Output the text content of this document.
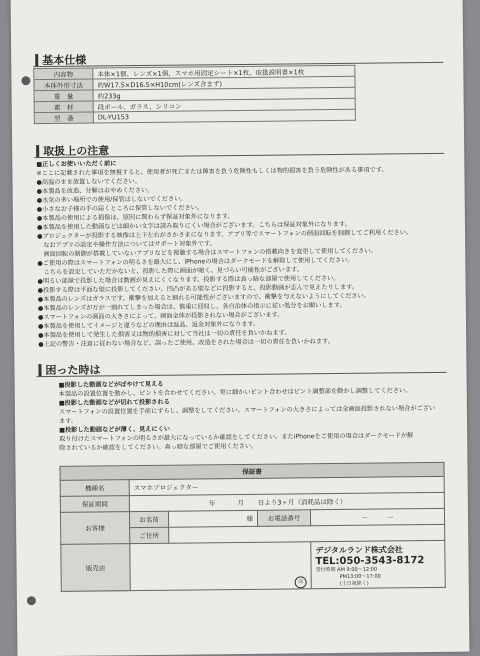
基本仕様
内容物	本体×1個、レンズ×1個、スマホ用固定シート×1枚、取扱説明書×1枚
本体外形寸法	約W17.5×D16.5×H10cm(レンズ含まず)
重　量	約233g
素　材	段ボール、ガラス、シリコン
型　番	DL-YU153
取扱上の注意

■正しくお使いいただく前に

※ここに記載された事項を無視すると、使用者が死亡または障害を負う危険性もしくは物的損害を負う危険性がある事項です。

●高温のまま放置しないでください。

●本製品を改造、分解はおやめください。

●水気の多い場所での使用/保管はしないでください。

●小さなお子様の手の届くところに保管しないでください。

●本製品の使用による損傷は、原因に関わらず保証対象外になります。

●本製品を使用した動画などは細かい文字は読み取りにくい場合がございます。こちらは保証対象外になります。

●プロジェクターが投影する映像は上下左右がさかさまになります。アプリ等でスマートフォンの画面回転を制御してご利用ください。

　なおアプリの設定や操作方法についてはサポート対象外です。

　画面回転の制御が搭載していないアプリなどを視聴する場合はスマートフォンの搭載向きを変更して使用してください。

●ご使用の際はスマートフォンの明るさを最大にし、iPhoneの場合はダークモードを解除して使用してください。

　こちらを設定していただかないと、投影した際に画面が暗く、見づらい可能性がございます。

●明るい部屋で投影した場合は動画が見えにくくなります。投影する際は真っ暗な部屋で使用してください。

●投影する際は平面な壁に投影してください。凹凸がある壁などに投影すると、投影動画が歪んで見えたりします。

●本製品のレンズはガラスです。衝撃を加えると割れる可能性がございますので、衝撃を与えないようにしてください。

●本製品のレンズが万が一割れてしまった場合は、慎重に回収し、各自治体の指示に従い処分をお願いします。

●スマートフォンの画面の大きさによって、画面全体が投影されない場合がございます。

●本製品を使用してイメージと違うなどの理由は返品、返金対象外になります。

●本製品を使用して発生した損害又は物的損害に対して当社は一切の責任を負いかねます。

●上記の警告・注意に従わない場合など、誤ったご使用、改造をされた場合は一切の責任を負いかねます。

困った時は

■投影した動画などがぼやけて見える

本製品の設置位置を動かし、ピントを合わせてください。更に細かいピント合わせはピント調整部を動かし調整してください。

■投影した動画などが切れて投影される

スマートフォンの設置位置を手前にずらし、調整をしてください。スマートフォンの大きさによっては全画面投影されない場合がござい

ます。

■投影した動画などが薄く、見えにくい

取り付けたスマートフォンの明るさが最大になっているか確認をしてください。またiPhoneをご使用の場合はダークモードが解

除されているか確認をしてください。真っ暗な部屋でご使用ください。

保証書				
機種名	スマホプロジェクター			
保証期間	年 月 日より3ヶ月（消耗品は除く）			
お客様	お名前	様	お電話番号	－　　　－
	ご住所			
販売店	印			デジタルランド株式会社
TEL:050-3543-8172
受付時間 AM 9:00〜12:00
PM13:00〜17:00
(土日祝除く)
